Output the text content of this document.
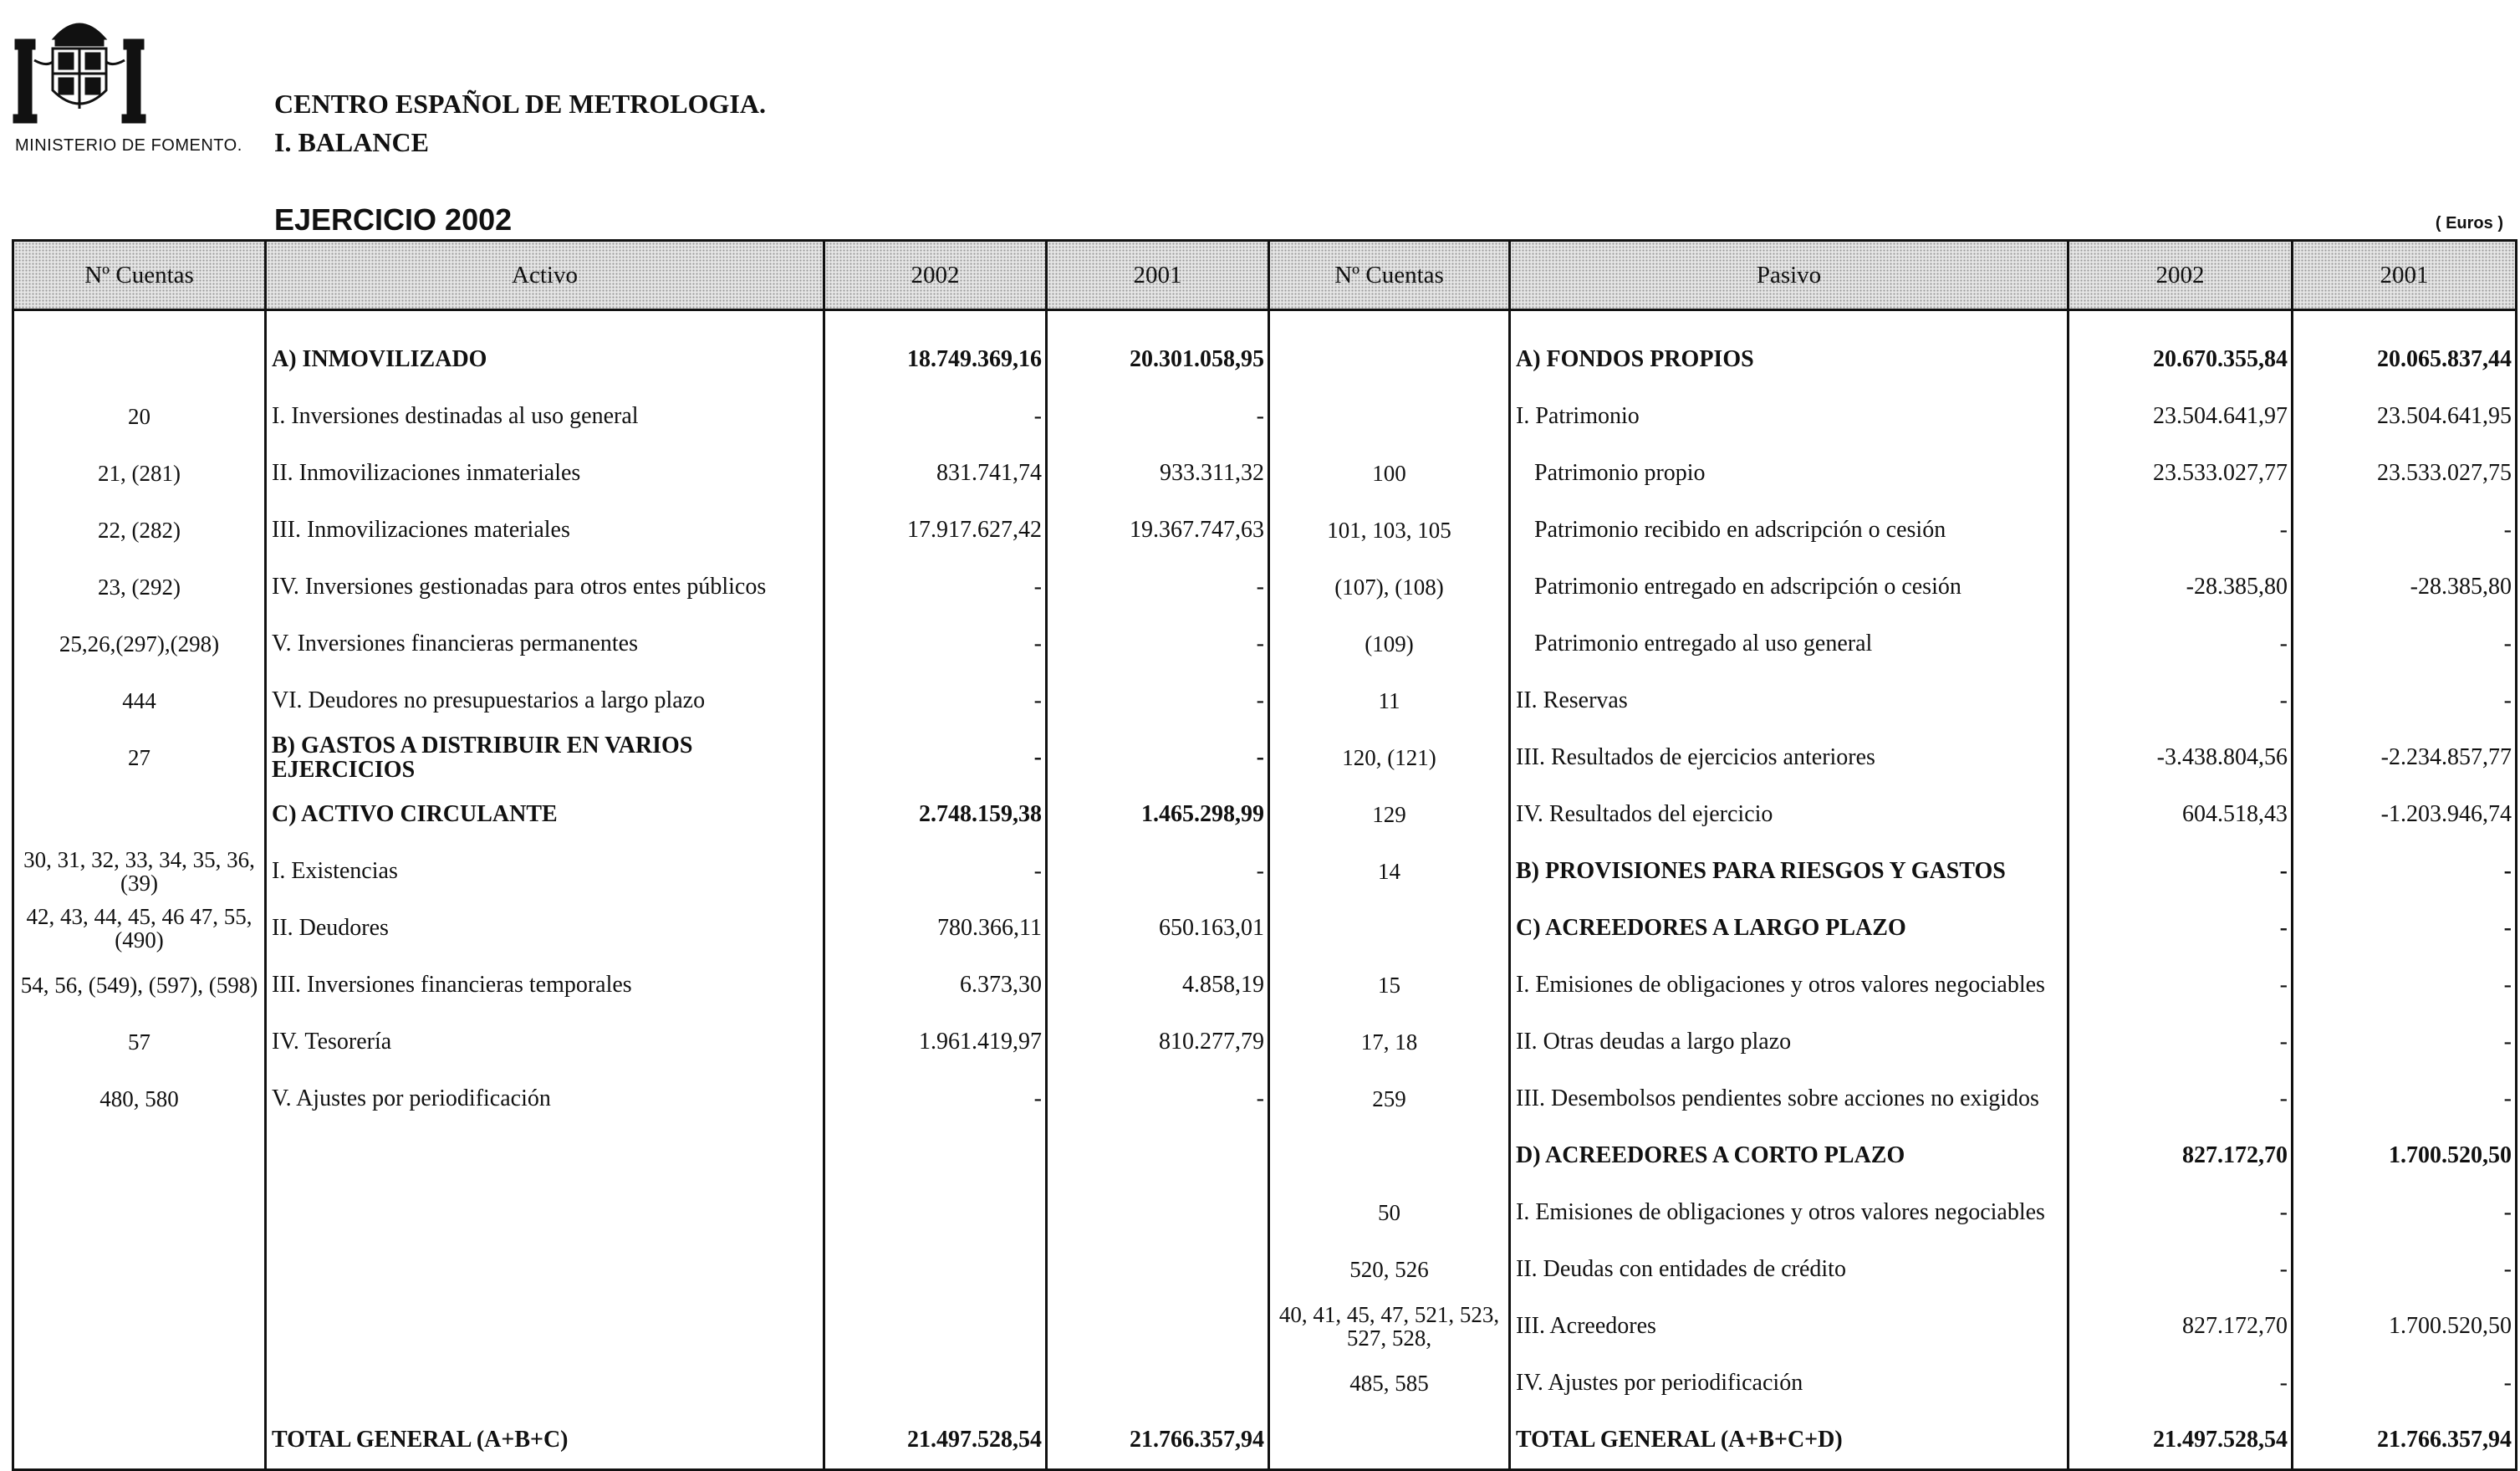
MINISTERIO DE FOMENTO.
CENTRO ESPAÑOL DE METROLOGIA.
I. BALANCE
EJERCICIO 2002	( Euros )
Nº Cuentas	Activo	2002	2001	Nº Cuentas	Pasivo	2002	2001

	A) INMOVILIZADO	18.749.369,16	20.301.058,95		A) FONDOS PROPIOS	20.670.355,84	20.065.837,44
20	I. Inversiones destinadas al uso general	-	-		I. Patrimonio	23.504.641,97	23.504.641,95
21, (281)	II. Inmovilizaciones inmateriales	831.741,74	933.311,32	100	Patrimonio propio	23.533.027,77	23.533.027,75
22, (282)	III. Inmovilizaciones materiales	17.917.627,42	19.367.747,63	101, 103, 105	Patrimonio recibido en adscripción o cesión	-	-
23, (292)	IV. Inversiones gestionadas para otros entes públicos	-	-	(107), (108)	Patrimonio entregado en adscripción o cesión	-28.385,80	-28.385,80
25,26,(297),(298)	V. Inversiones financieras permanentes	-	-	(109)	Patrimonio entregado al uso general	-	-
444	VI. Deudores no presupuestarios a largo plazo	-	-	11	II. Reservas	-	-
27	B) GASTOS A DISTRIBUIR EN VARIOS EJERCICIOS	-	-	120, (121)	III. Resultados de ejercicios anteriores	-3.438.804,56	-2.234.857,77
	C) ACTIVO CIRCULANTE	2.748.159,38	1.465.298,99	129	IV. Resultados del ejercicio	604.518,43	-1.203.946,74
30, 31, 32, 33, 34, 35, 36, (39)	I. Existencias	-	-	14	B) PROVISIONES PARA RIESGOS Y GASTOS	-	-
42, 43, 44, 45, 46 47, 55, (490)	II. Deudores	780.366,11	650.163,01		C) ACREEDORES A LARGO PLAZO	-	-
54, 56, (549), (597), (598)	III. Inversiones financieras temporales	6.373,30	4.858,19	15	I. Emisiones de obligaciones y otros valores negociables	-	-
57	IV. Tesorería	1.961.419,97	810.277,79	17, 18	II. Otras deudas a largo plazo	-	-
480, 580	V. Ajustes por periodificación	-	-	259	III. Desembolsos pendientes sobre acciones no exigidos	-	-
					D) ACREEDORES A CORTO PLAZO	827.172,70	1.700.520,50
				50	I. Emisiones de obligaciones y otros valores negociables	-	-
				520, 526	II. Deudas con entidades de crédito	-	-
				40, 41, 45, 47, 521, 523, 527, 528,	III. Acreedores	827.172,70	1.700.520,50
				485, 585	IV. Ajustes por periodificación	-	-
	TOTAL GENERAL (A+B+C)	21.497.528,54	21.766.357,94		TOTAL GENERAL (A+B+C+D)	21.497.528,54	21.766.357,94
